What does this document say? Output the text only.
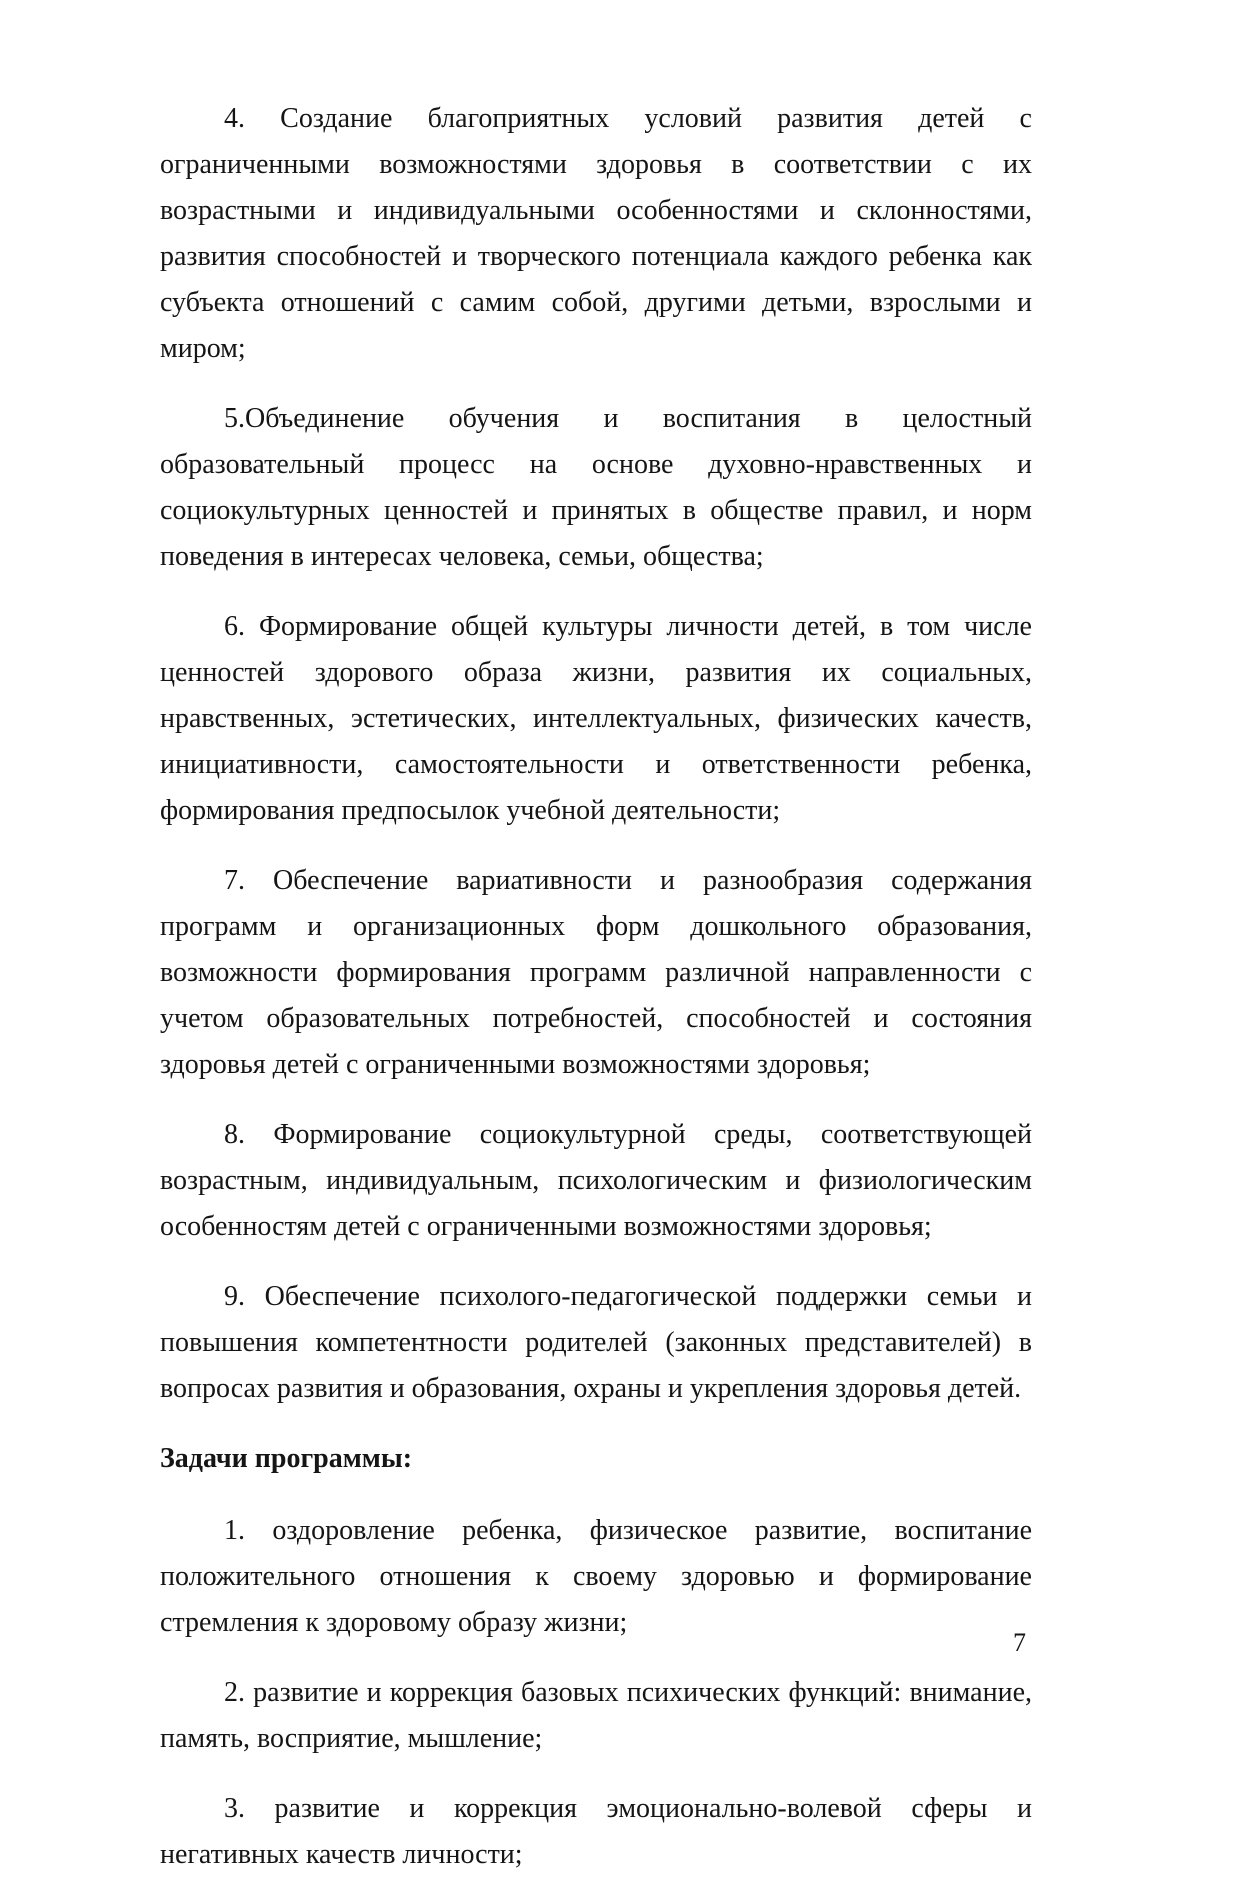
4. Создание благоприятных условий развития детей с ограниченными возможностями здоровья в соответствии с их возрастными и индивидуальными особенностями и склонностями, развития способностей и творческого потенциала каждого ребенка как субъекта отношений с самим собой, другими детьми, взрослыми и миром;

5.Объединение обучения и воспитания в целостный образовательный процесс на основе духовно-нравственных и социокультурных ценностей и принятых в обществе правил, и норм поведения в интересах человека, семьи, общества;

6. Формирование общей культуры личности детей, в том числе ценностей здорового образа жизни, развития их социальных, нравственных, эстетических, интеллектуальных, физических качеств, инициативности, самостоятельности и ответственности ребенка, формирования предпосылок учебной деятельности;

7. Обеспечение вариативности и разнообразия содержания программ и организационных форм дошкольного образования, возможности формирования программ различной направленности с учетом образовательных потребностей, способностей и состояния здоровья детей с ограниченными возможностями здоровья;

8. Формирование социокультурной среды, соответствующей возрастным, индивидуальным, психологическим и физиологическим особенностям детей с ограниченными возможностями здоровья;

9. Обеспечение психолого-педагогической поддержки семьи и повышения компетентности родителей (законных представителей) в вопросах развития и образования, охраны и укрепления здоровья детей.

Задачи программы:

1. оздоровление ребенка, физическое развитие, воспитание положительного отношения к своему здоровью и формирование стремления к здоровому образу жизни;

2. развитие и коррекция базовых психических функций: внимание, память, восприятие, мышление;

3. развитие и коррекция эмоционально-волевой сферы и негативных качеств личности;

7
